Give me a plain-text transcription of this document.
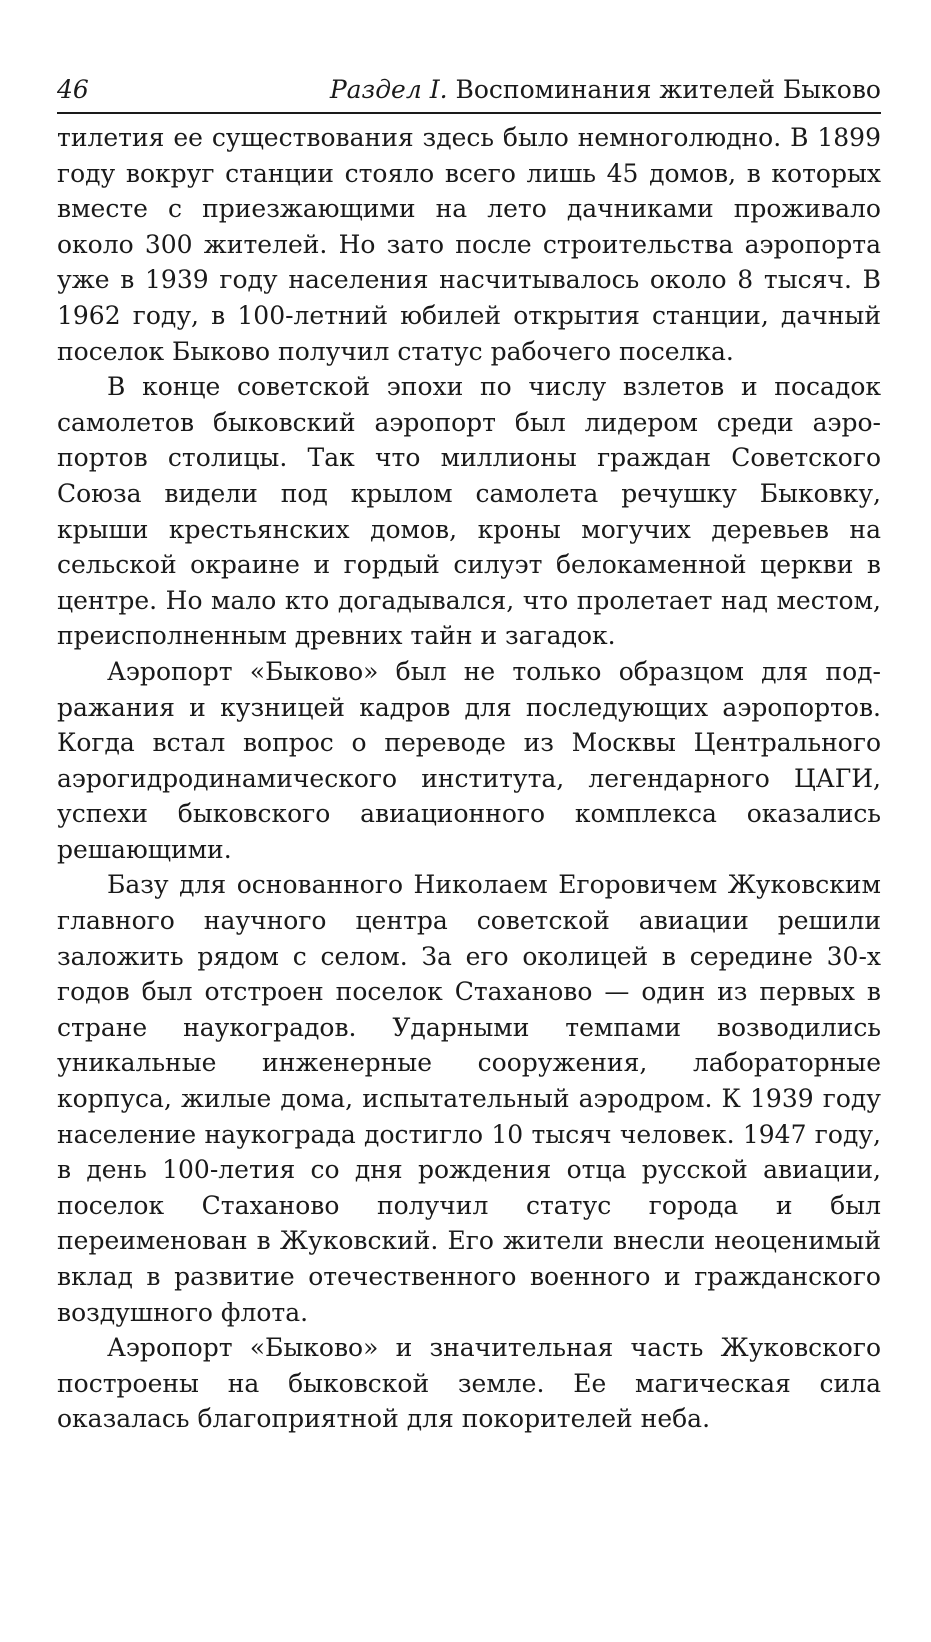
46	Раздел I. Воспоминания жителей Быково

тилетия ее существования здесь было немноголюдно. В 1899 году вокруг станции стояло всего лишь 45 домов, в которых вместе с приезжающими на лето дачниками проживало около 300 жителей. Но зато после строительства аэропорта уже в 1939 году населения насчитывалось около 8 тысяч. В 1962 году, в 100-летний юбилей открытия станции, дачный поселок Быково получил статус рабочего поселка.

В конце советской эпохи по числу взлетов и посадок самолетов быковский аэропорт был лидером среди аэропортов столицы. Так что миллионы граждан Советского Союза видели под крылом самолета речушку Быковку, крыши крестьянских домов, кроны могучих деревьев на сельской окраине и гордый силуэт белокаменной церкви в центре. Но мало кто догадывался, что пролетает над местом, преисполненным древних тайн и загадок.

Аэропорт «Быково» был не только образцом для подражания и кузницей кадров для последующих аэропортов. Когда встал вопрос о переводе из Москвы Центрального аэрогидродинамического института, легендарного ЦАГИ, успехи быковского авиационного комплекса оказались решающими.

Базу для основанного Николаем Егоровичем Жуковским главного научного центра советской авиации решили заложить рядом с селом. За его околицей в середине 30-х годов был отстроен поселок Стаханово — один из первых в стране наукоградов. Ударными темпами возводились уникальные инженерные сооружения, лабораторные корпуса, жилые дома, испытательный аэродром. К 1939 году население наукограда достигло 10 тысяч человек. 1947 году, в день 100-летия со дня рождения отца русской авиации, поселок Стаханово получил статус города и был переименован в Жуковский. Его жители внесли неоценимый вклад в развитие отечественного военного и гражданского воздушного флота.

Аэропорт «Быково» и значительная часть Жуковского построены на быковской земле. Ее магическая сила оказалась благоприятной для покорителей неба.
